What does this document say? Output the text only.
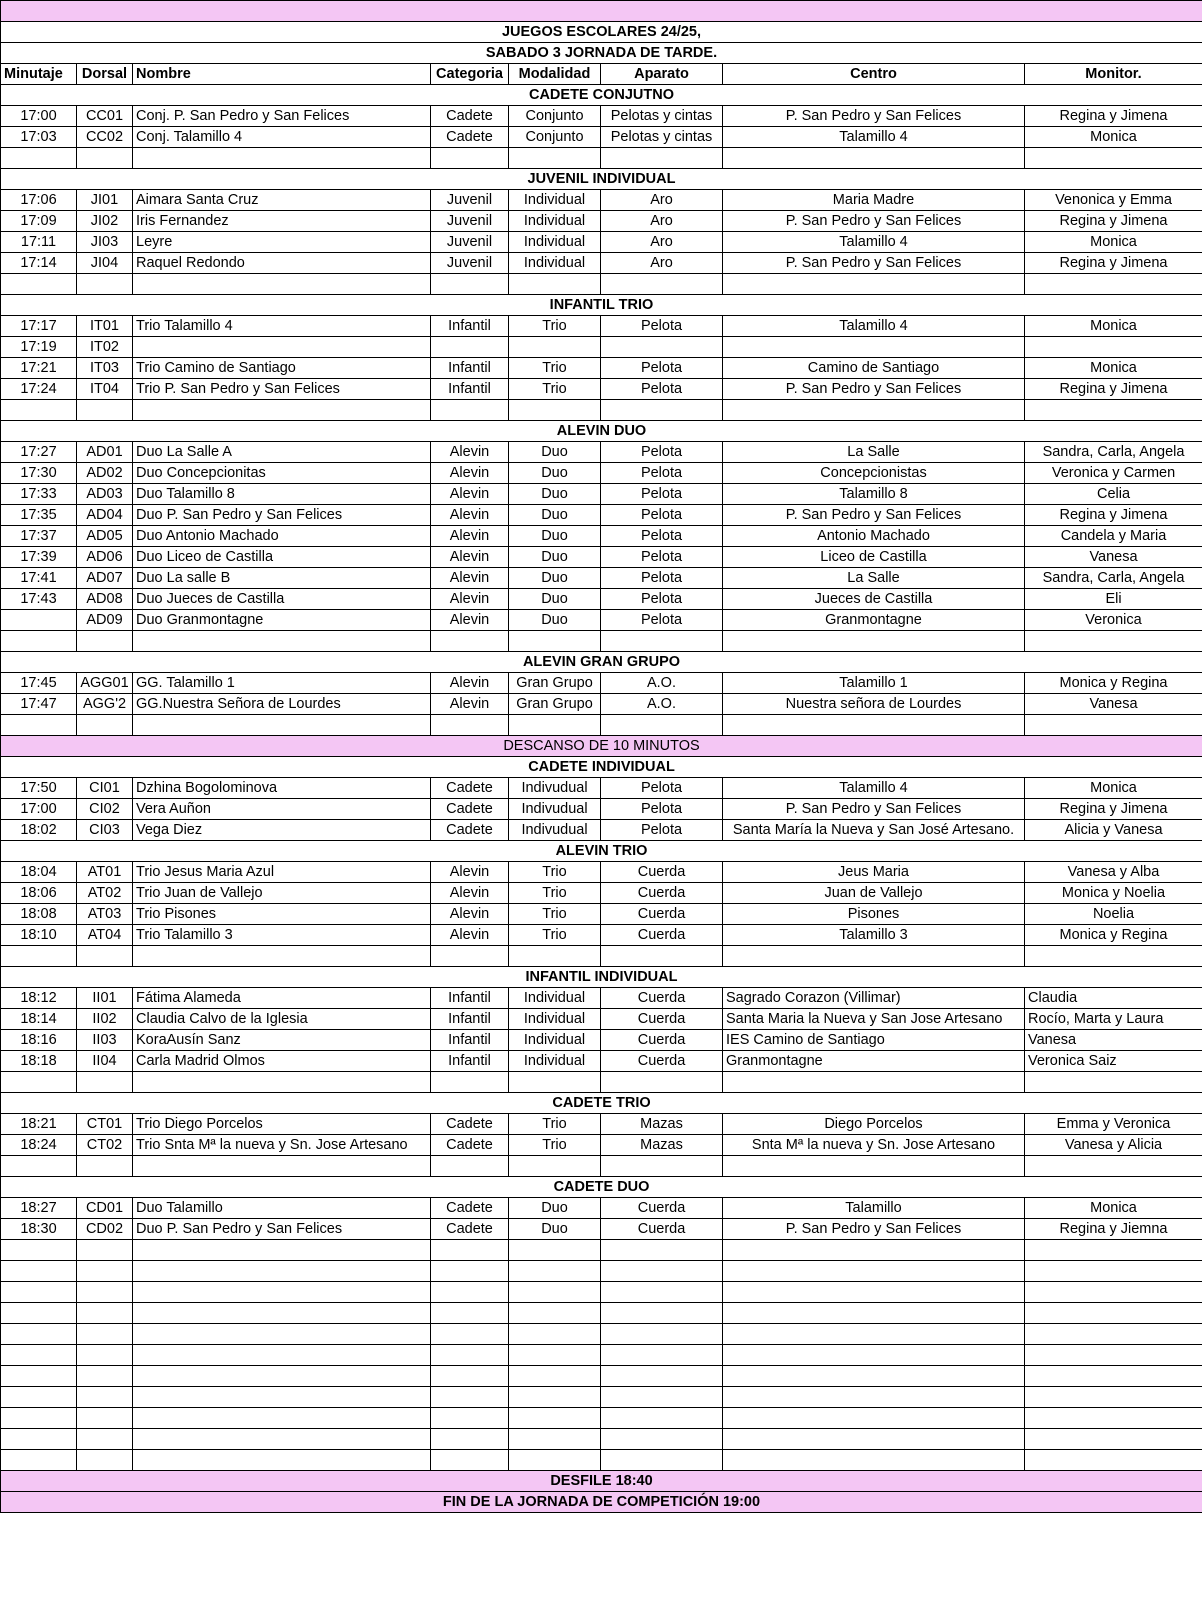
JUEGOS ESCOLARES 24/25,							
SABADO 3 JORNADA DE TARDE.							
Minutaje	Dorsal	Nombre	Categoria	Modalidad	Aparato	Centro	Monitor.
CADETE CONJUTNO							
17:00	CC01	Conj. P. San Pedro y San Felices	Cadete	Conjunto	Pelotas y cintas	P. San Pedro y San Felices	Regina y Jimena
17:03	CC02	Conj. Talamillo 4	Cadete	Conjunto	Pelotas y cintas	Talamillo 4	Monica

JUVENIL INDIVIDUAL							
17:06	JI01	Aimara Santa Cruz	Juvenil	Individual	Aro	Maria Madre	Venonica y Emma
17:09	JI02	Iris Fernandez	Juvenil	Individual	Aro	P. San Pedro y San Felices	Regina y Jimena
17:11	JI03	Leyre	Juvenil	Individual	Aro	Talamillo 4	Monica
17:14	JI04	Raquel Redondo	Juvenil	Individual	Aro	P. San Pedro y San Felices	Regina y Jimena

INFANTIL TRIO							
17:17	IT01	Trio Talamillo 4	Infantil	Trio	Pelota	Talamillo 4	Monica
17:19	IT02						
17:21	IT03	Trio Camino de Santiago	Infantil	Trio	Pelota	Camino de Santiago	Monica
17:24	IT04	Trio P. San Pedro y San Felices	Infantil	Trio	Pelota	P. San Pedro y San Felices	Regina y Jimena

ALEVIN DUO							
17:27	AD01	Duo La Salle A	Alevin	Duo	Pelota	La Salle	Sandra, Carla, Angela
17:30	AD02	Duo Concepcionitas	Alevin	Duo	Pelota	Concepcionistas	Veronica y Carmen
17:33	AD03	Duo Talamillo 8	Alevin	Duo	Pelota	Talamillo 8	Celia
17:35	AD04	Duo P. San Pedro y San Felices	Alevin	Duo	Pelota	P. San Pedro y San Felices	Regina y Jimena
17:37	AD05	Duo Antonio Machado	Alevin	Duo	Pelota	Antonio Machado	Candela y Maria
17:39	AD06	Duo Liceo de Castilla	Alevin	Duo	Pelota	Liceo de Castilla	Vanesa
17:41	AD07	Duo La salle B	Alevin	Duo	Pelota	La Salle	Sandra, Carla, Angela
17:43	AD08	Duo Jueces de Castilla	Alevin	Duo	Pelota	Jueces de Castilla	Eli
	AD09	Duo Granmontagne	Alevin	Duo	Pelota	Granmontagne	Veronica

ALEVIN GRAN GRUPO							
17:45	AGG01	GG. Talamillo 1	Alevin	Gran Grupo	A.O.	Talamillo 1	Monica y Regina
17:47	AGG'2	GG.Nuestra Señora de Lourdes	Alevin	Gran Grupo	A.O.	Nuestra señora de Lourdes	Vanesa

DESCANSO DE 10 MINUTOS							
CADETE INDIVIDUAL							
17:50	CI01	Dzhina Bogolominova	Cadete	Indivudual	Pelota	Talamillo 4	Monica
17:00	CI02	Vera Auñon	Cadete	Indivudual	Pelota	P. San Pedro y San Felices	Regina y Jimena
18:02	CI03	Vega Diez	Cadete	Indivudual	Pelota	Santa María la Nueva y San José Artesano.	Alicia y Vanesa
ALEVIN TRIO							
18:04	AT01	Trio Jesus Maria Azul	Alevin	Trio	Cuerda	Jeus Maria	Vanesa y Alba
18:06	AT02	Trio Juan de Vallejo	Alevin	Trio	Cuerda	Juan de Vallejo	Monica y Noelia
18:08	AT03	Trio Pisones	Alevin	Trio	Cuerda	Pisones	Noelia
18:10	AT04	Trio Talamillo 3	Alevin	Trio	Cuerda	Talamillo 3	Monica y Regina

INFANTIL INDIVIDUAL							
18:12	II01	Fátima Alameda	Infantil	Individual	Cuerda	Sagrado Corazon (Villimar)	Claudia
18:14	II02	Claudia Calvo de la Iglesia	Infantil	Individual	Cuerda	Santa Maria la Nueva y San Jose Artesano	Rocío, Marta y Laura
18:16	II03	KoraAusín Sanz	Infantil	Individual	Cuerda	IES Camino de Santiago	Vanesa
18:18	II04	Carla Madrid Olmos	Infantil	Individual	Cuerda	Granmontagne	Veronica Saiz

CADETE TRIO							
18:21	CT01	Trio Diego Porcelos	Cadete	Trio	Mazas	Diego Porcelos	Emma y Veronica
18:24	CT02	Trio Snta Mª la nueva y Sn. Jose Artesano	Cadete	Trio	Mazas	Snta Mª la nueva y Sn. Jose Artesano	Vanesa y Alicia

CADETE DUO							
18:27	CD01	Duo Talamillo	Cadete	Duo	Cuerda	Talamillo	Monica
18:30	CD02	Duo P. San Pedro y San Felices	Cadete	Duo	Cuerda	P. San Pedro y San Felices	Regina y Jiemna

DESFILE 18:40							
FIN DE LA JORNADA DE COMPETICIÓN 19:00							
